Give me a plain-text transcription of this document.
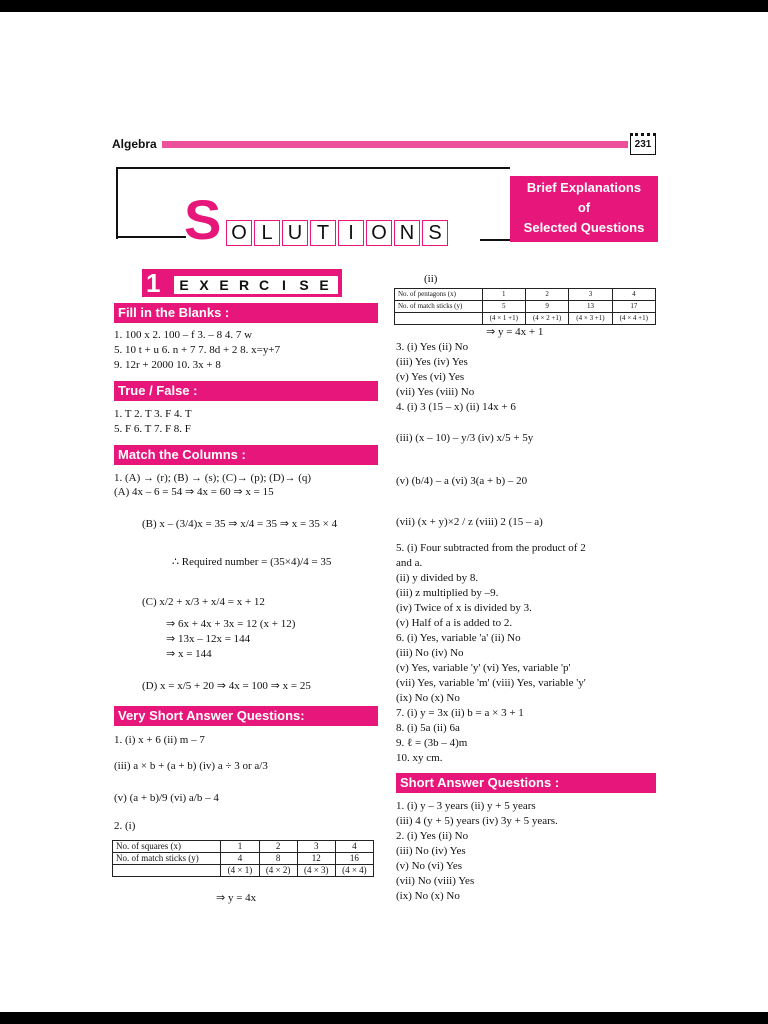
Algebra	231
S O L U T I O N S
Brief Explanations
of
Selected Questions
1	E X E R C I S E
Fill in the Blanks :
1. 100 x 2. 100 – f 3. – 8 4. 7 w
5. 10 t + u 6. n + 7 7. 8d + 2 8. x=y+7
9. 12r + 2000 10. 3x + 8
True / False :
1. T 2. T 3. F 4. T
5. F 6. T 7. F 8. F
Match the Columns :
1. (A) → (r); (B) → (s); (C)→ (p); (D)→ (q)
(A) 4x – 6 = 54 ⇒ 4x = 60 ⇒ x = 15
(B) x – (3/4)x = 35 ⇒ x/4 = 35 ⇒ x = 35 × 4
∴ Required number = (35×4)/4 = 35
(C) x/2 + x/3 + x/4 = x + 12
⇒ 6x + 4x + 3x = 12 (x + 12)
⇒ 13x – 12x = 144
⇒ x = 144
(D) x = x/5 + 20 ⇒ 4x = 100 ⇒ x = 25
Very Short Answer Questions:
1. (i) x + 6 (ii) m – 7
(iii) a × b + (a + b) (iv) a ÷ 3 or a/3
(v) (a + b)/9 (vi) a/b – 4
2. (i)
No. of squares (x)	1	2	3	4
No. of match sticks (y)	4	8	12	16
	(4 × 1)	(4 × 2)	(4 × 3)	(4 × 4)
⇒ y = 4x
(ii)
No. of pentagons (x)	1	2	3	4
No. of match sticks (y)	5	9	13	17
	(4 × 1 +1)	(4 × 2 +1)	(4 × 3 +1)	(4 × 4 +1)
⇒ y = 4x + 1
3. (i) Yes (ii) No
(iii) Yes (iv) Yes
(v) Yes (vi) Yes
(vii) Yes (viii) No
4. (i) 3 (15 – x) (ii) 14x + 6
(iii) (x – 10) – y/3 (iv) x/5 + 5y
(v) (b/4) – a (vi) 3(a + b) – 20
(vii) (x + y)×2 / z (viii) 2 (15 – a)
5. (i) Four subtracted from the product of 2
and a.
(ii) y divided by 8.
(iii) z multiplied by –9.
(iv) Twice of x is divided by 3.
(v) Half of a is added to 2.
6. (i) Yes, variable 'a' (ii) No
(iii) No (iv) No
(v) Yes, variable 'y' (vi) Yes, variable 'p'
(vii) Yes, variable 'm' (viii) Yes, variable 'y'
(ix) No (x) No
7. (i) y = 3x (ii) b = a × 3 + 1
8. (i) 5a (ii) 6a
9. ℓ = (3b – 4)m
10. xy cm.
Short Answer Questions :
1. (i) y – 3 years (ii) y + 5 years
(iii) 4 (y + 5) years (iv) 3y + 5 years.
2. (i) Yes (ii) No
(iii) No (iv) Yes
(v) No (vi) Yes
(vii) No (viii) Yes
(ix) No (x) No
